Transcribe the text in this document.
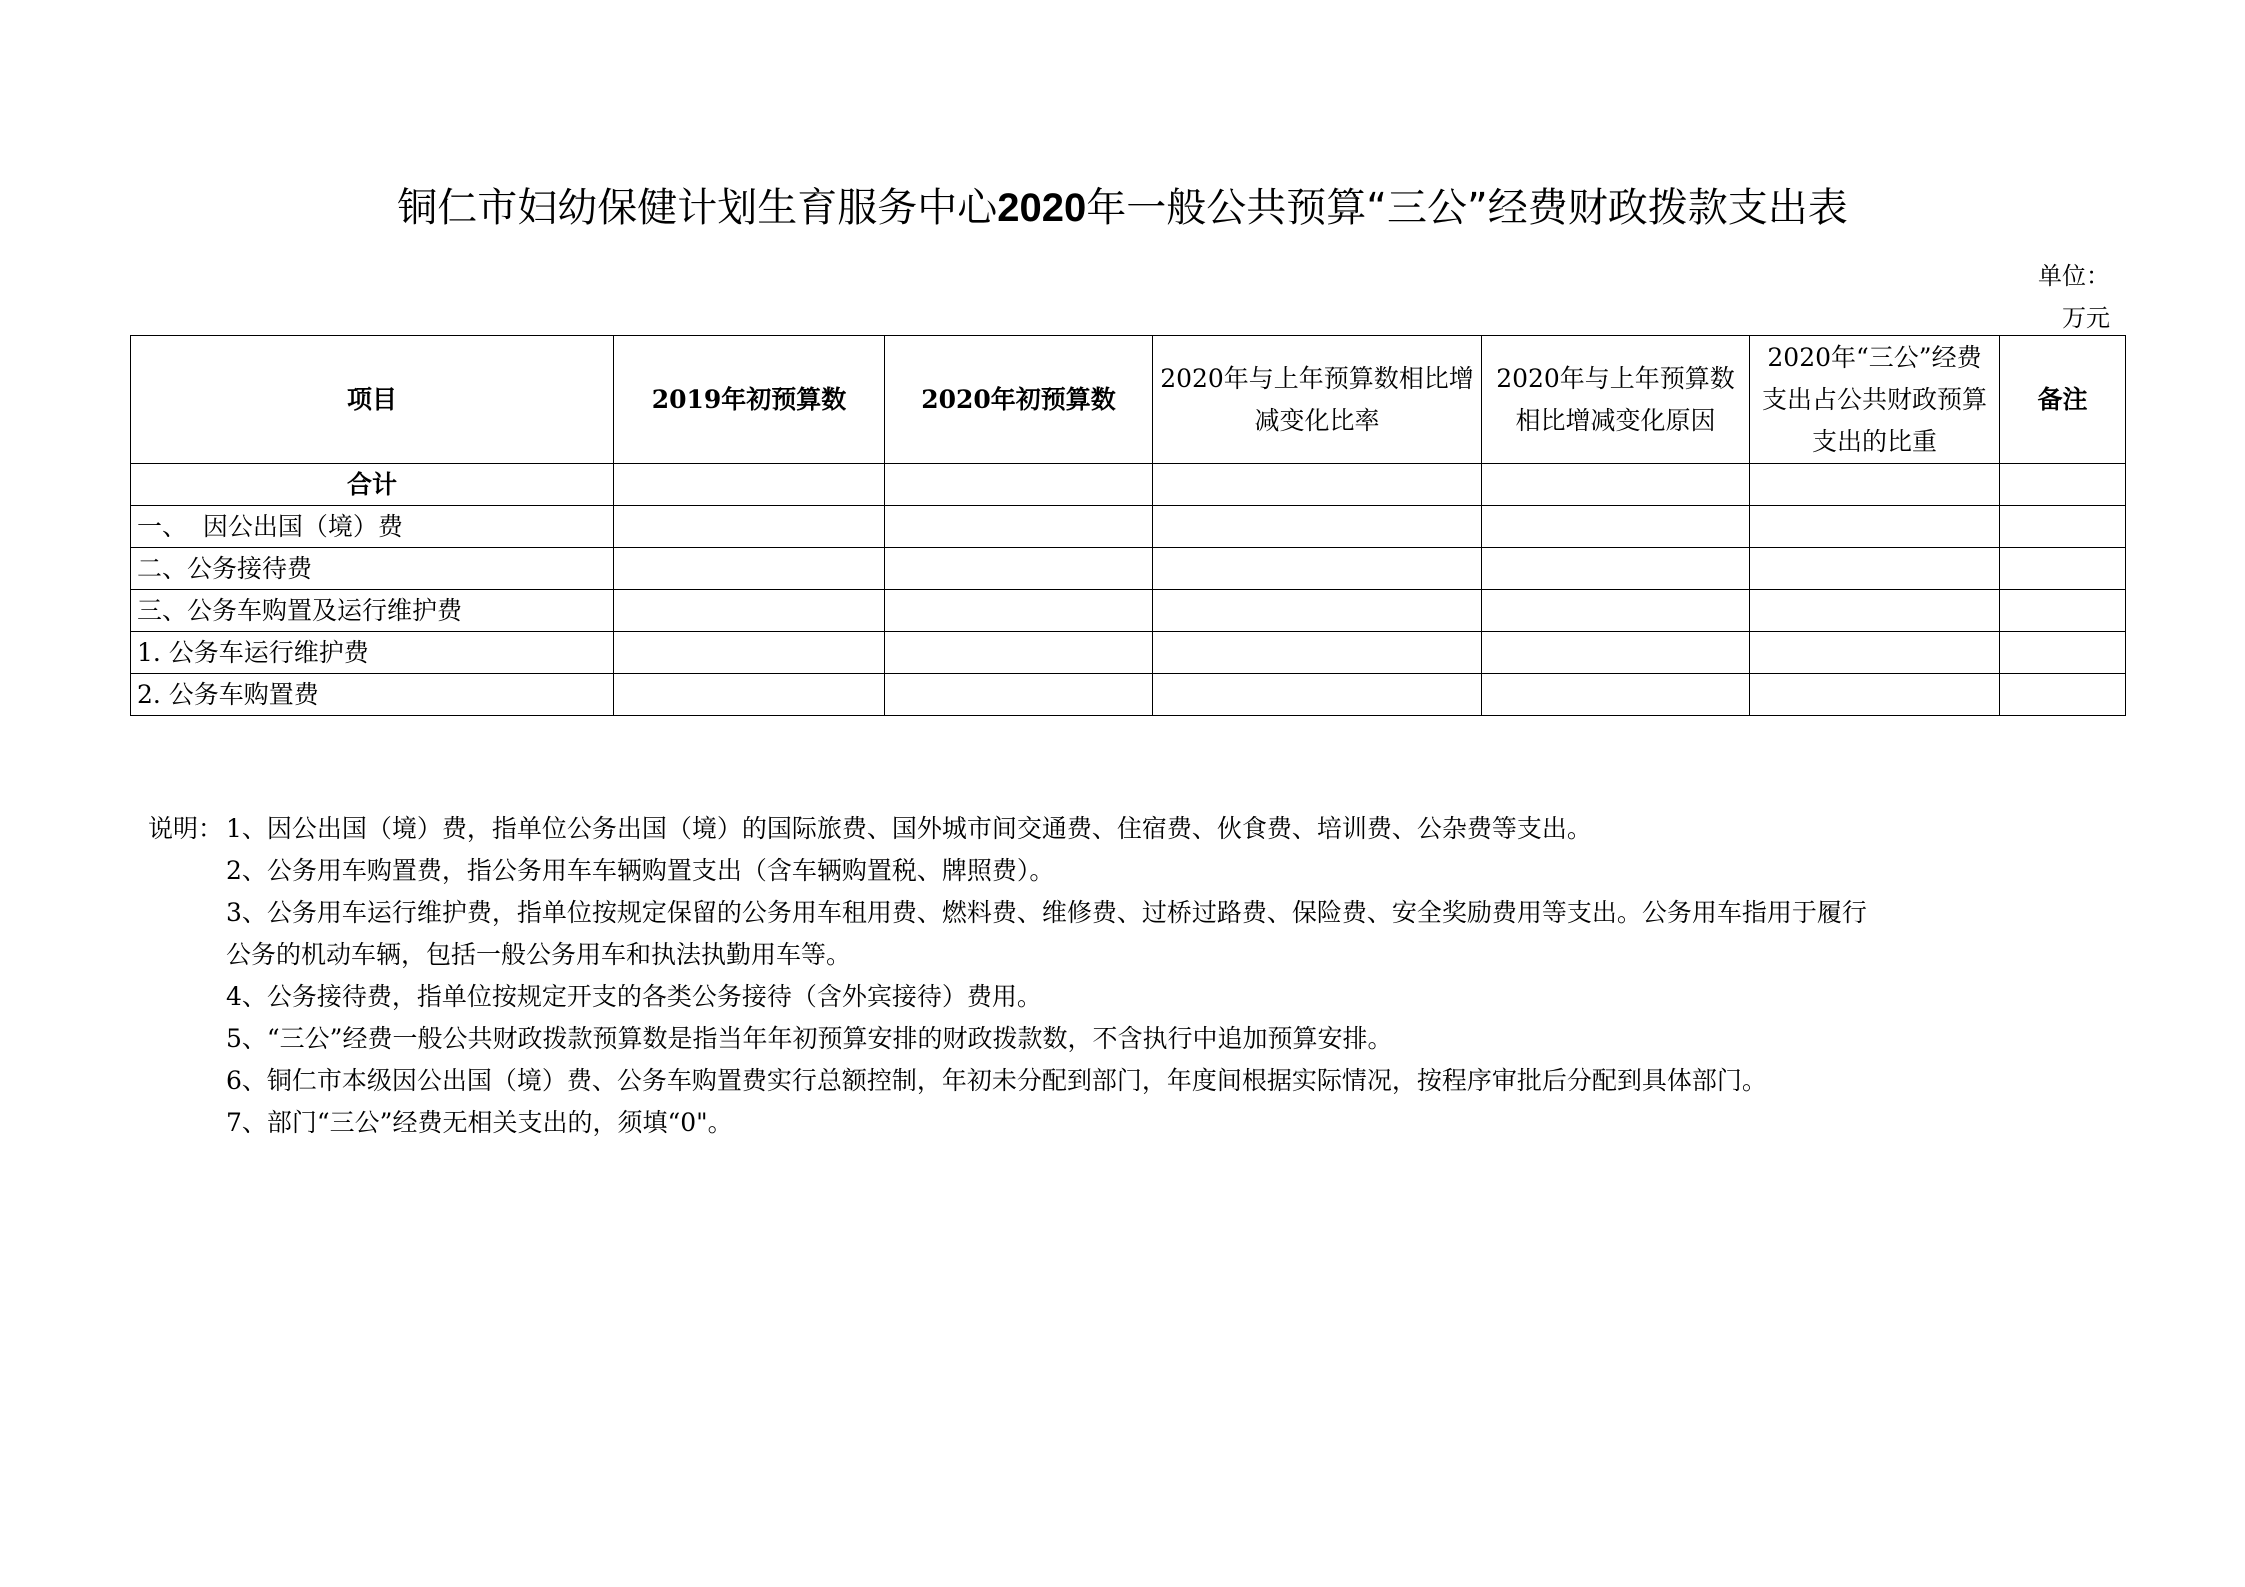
铜仁市妇幼保健计划生育服务中心2020年一般公共预算“三公”经费财政拨款支出表
单位：
万元
项目	2019年初预算数	2020年初预算数	2020年与上年预算数相比增减变化比率	2020年与上年预算数相比增减变化原因	2020年“三公”经费支出占公共财政预算支出的比重	备注
合计						
一、  因公出国（境）费						
二、公务接待费						
三、公务车购置及运行维护费						
1. 公务车运行维护费						
2. 公务车购置费						
说明： 1、因公出国（境）费，指单位公务出国（境）的国际旅费、国外城市间交通费、住宿费、伙食费、培训费、公杂费等支出。
2、公务用车购置费，指公务用车车辆购置支出（含车辆购置税、牌照费）。
3、公务用车运行维护费，指单位按规定保留的公务用车租用费、燃料费、维修费、过桥过路费、保险费、安全奖励费用等支出。公务用车指用于履行
公务的机动车辆，包括一般公务用车和执法执勤用车等。
4、公务接待费，指单位按规定开支的各类公务接待（含外宾接待）费用。
5、“三公”经费一般公共财政拨款预算数是指当年年初预算安排的财政拨款数，不含执行中追加预算安排。
6、铜仁市本级因公出国（境）费、公务车购置费实行总额控制，年初未分配到部门，年度间根据实际情况，按程序审批后分配到具体部门。
7、部门“三公”经费无相关支出的，须填“0"。
